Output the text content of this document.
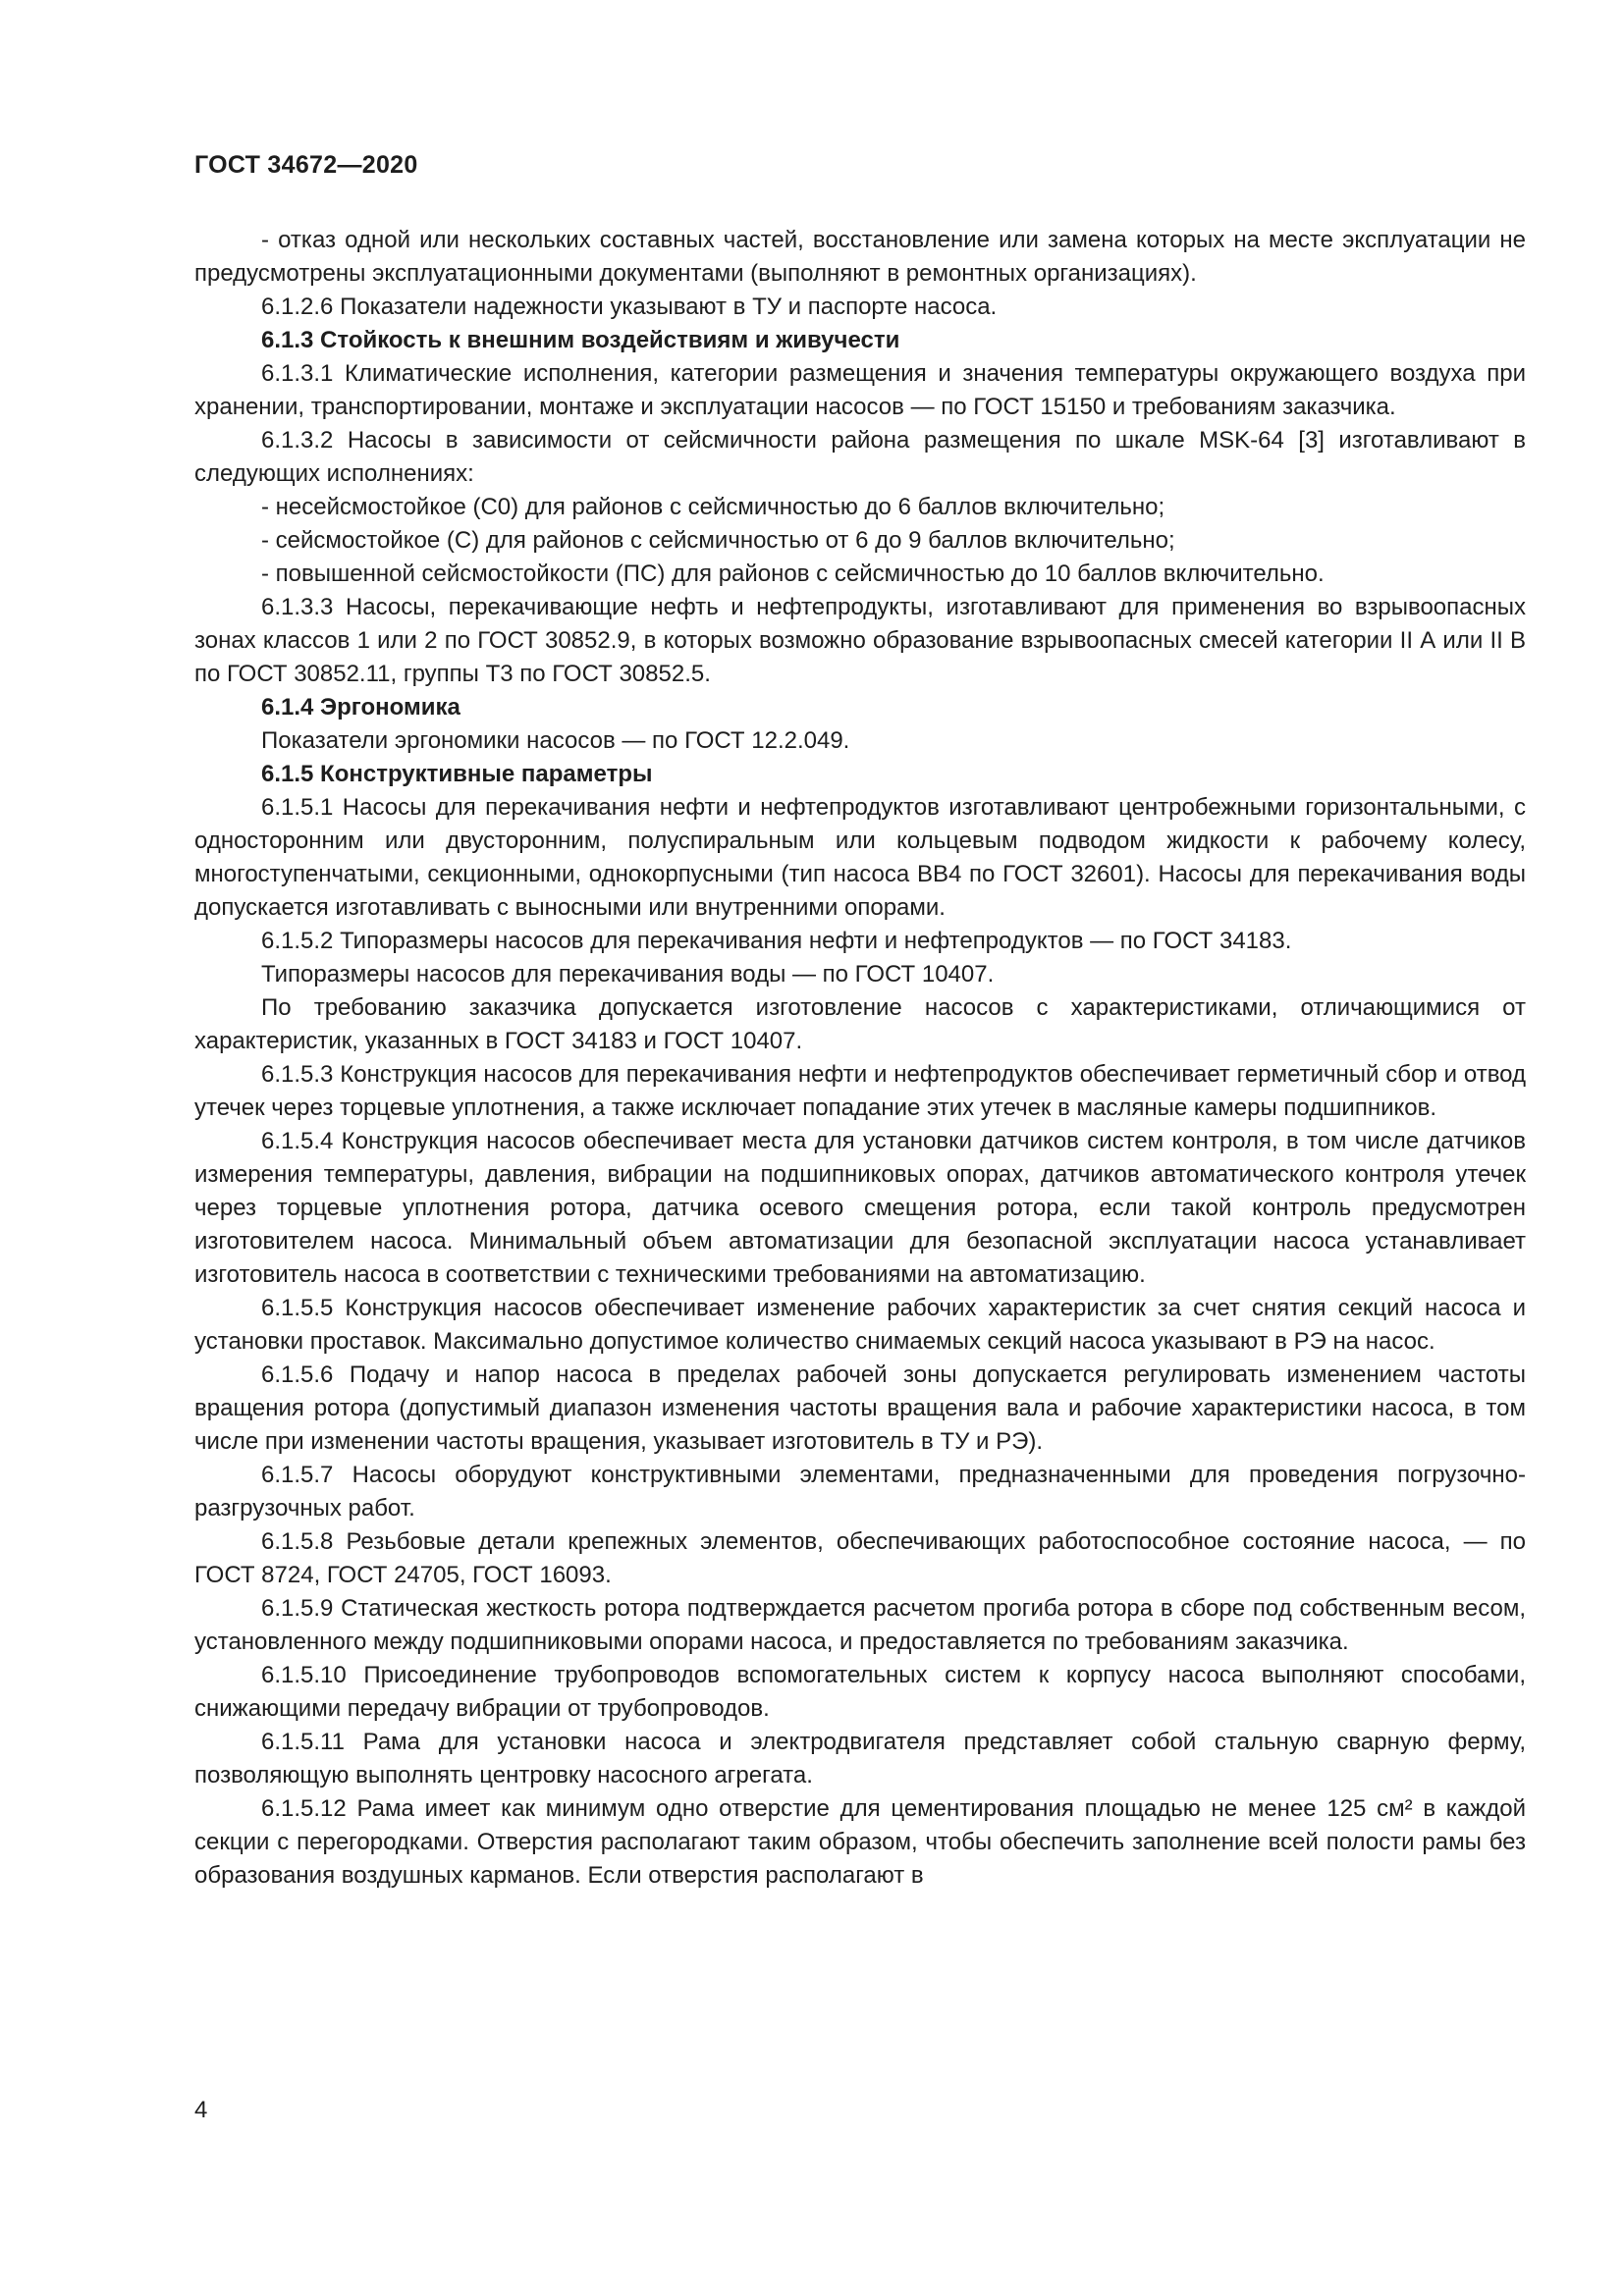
ГОСТ 34672—2020

- отказ одной или нескольких составных частей, восстановление или замена которых на месте эксплуатации не предусмотрены эксплуатационными документами (выполняют в ремонтных организациях).

6.1.2.6 Показатели надежности указывают в ТУ и паспорте насоса.

6.1.3 Стойкость к внешним воздействиям и живучести

6.1.3.1 Климатические исполнения, категории размещения и значения температуры окружающего воздуха при хранении, транспортировании, монтаже и эксплуатации насосов — по ГОСТ 15150 и требованиям заказчика.

6.1.3.2 Насосы в зависимости от сейсмичности района размещения по шкале MSK-64 [3] изготавливают в следующих исполнениях:

- несейсмостойкое (С0) для районов с сейсмичностью до 6 баллов включительно;

- сейсмостойкое (С) для районов с сейсмичностью от 6 до 9 баллов включительно;

- повышенной сейсмостойкости (ПС) для районов с сейсмичностью до 10 баллов включительно.

6.1.3.3 Насосы, перекачивающие нефть и нефтепродукты, изготавливают для применения во взрывоопасных зонах классов 1 или 2 по ГОСТ 30852.9, в которых возможно образование взрывоопасных смесей категории II А или II В по ГОСТ 30852.11, группы Т3 по ГОСТ 30852.5.

6.1.4 Эргономика

Показатели эргономики насосов — по ГОСТ 12.2.049.

6.1.5 Конструктивные параметры

6.1.5.1 Насосы для перекачивания нефти и нефтепродуктов изготавливают центробежными горизонтальными, с односторонним или двусторонним, полуспиральным или кольцевым подводом жидкости к рабочему колесу, многоступенчатыми, секционными, однокорпусными (тип насоса ВВ4 по ГОСТ 32601). Насосы для перекачивания воды допускается изготавливать с выносными или внутренними опорами.

6.1.5.2 Типоразмеры насосов для перекачивания нефти и нефтепродуктов — по ГОСТ 34183.

Типоразмеры насосов для перекачивания воды — по ГОСТ 10407.

По требованию заказчика допускается изготовление насосов с характеристиками, отличающимися от характеристик, указанных в ГОСТ 34183 и ГОСТ 10407.

6.1.5.3 Конструкция насосов для перекачивания нефти и нефтепродуктов обеспечивает герметичный сбор и отвод утечек через торцевые уплотнения, а также исключает попадание этих утечек в масляные камеры подшипников.

6.1.5.4 Конструкция насосов обеспечивает места для установки датчиков систем контроля, в том числе датчиков измерения температуры, давления, вибрации на подшипниковых опорах, датчиков автоматического контроля утечек через торцевые уплотнения ротора, датчика осевого смещения ротора, если такой контроль предусмотрен изготовителем насоса. Минимальный объем автоматизации для безопасной эксплуатации насоса устанавливает изготовитель насоса в соответствии с техническими требованиями на автоматизацию.

6.1.5.5 Конструкция насосов обеспечивает изменение рабочих характеристик за счет снятия секций насоса и установки проставок. Максимально допустимое количество снимаемых секций насоса указывают в РЭ на насос.

6.1.5.6 Подачу и напор насоса в пределах рабочей зоны допускается регулировать изменением частоты вращения ротора (допустимый диапазон изменения частоты вращения вала и рабочие характеристики насоса, в том числе при изменении частоты вращения, указывает изготовитель в ТУ и РЭ).

6.1.5.7 Насосы оборудуют конструктивными элементами, предназначенными для проведения погрузочно-разгрузочных работ.

6.1.5.8 Резьбовые детали крепежных элементов, обеспечивающих работоспособное состояние насоса, — по ГОСТ 8724, ГОСТ 24705, ГОСТ 16093.

6.1.5.9 Статическая жесткость ротора подтверждается расчетом прогиба ротора в сборе под собственным весом, установленного между подшипниковыми опорами насоса, и предоставляется по требованиям заказчика.

6.1.5.10 Присоединение трубопроводов вспомогательных систем к корпусу насоса выполняют способами, снижающими передачу вибрации от трубопроводов.

6.1.5.11 Рама для установки насоса и электродвигателя представляет собой стальную сварную ферму, позволяющую выполнять центровку насосного агрегата.

6.1.5.12 Рама имеет как минимум одно отверстие для цементирования площадью не менее 125 см² в каждой секции с перегородками. Отверстия располагают таким образом, чтобы обеспечить заполнение всей полости рамы без образования воздушных карманов. Если отверстия располагают в

4
